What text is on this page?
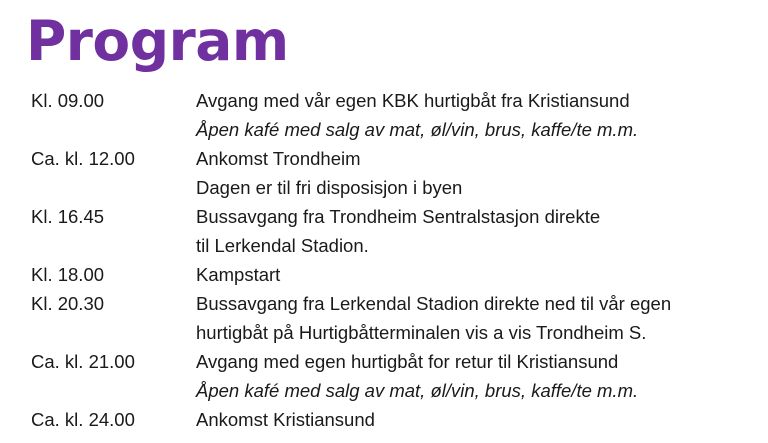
Program
Kl. 09.00	Avgang med vår egen KBK hurtigbåt fra Kristiansund
Åpen kafé med salg av mat, øl/vin, brus, kaffe/te m.m.
Ca. kl. 12.00	Ankomst Trondheim
Dagen er til fri disposisjon i byen
Kl. 16.45	Bussavgang fra Trondheim Sentralstasjon direkte
til Lerkendal Stadion.
Kl. 18.00	Kampstart
Kl. 20.30	Bussavgang fra Lerkendal Stadion direkte ned til vår egen
hurtigbåt på Hurtigbåtterminalen vis a vis Trondheim S.
Ca. kl. 21.00	Avgang med egen hurtigbåt for retur til Kristiansund
Åpen kafé med salg av mat, øl/vin, brus, kaffe/te m.m.
Ca. kl. 24.00	Ankomst Kristiansund
